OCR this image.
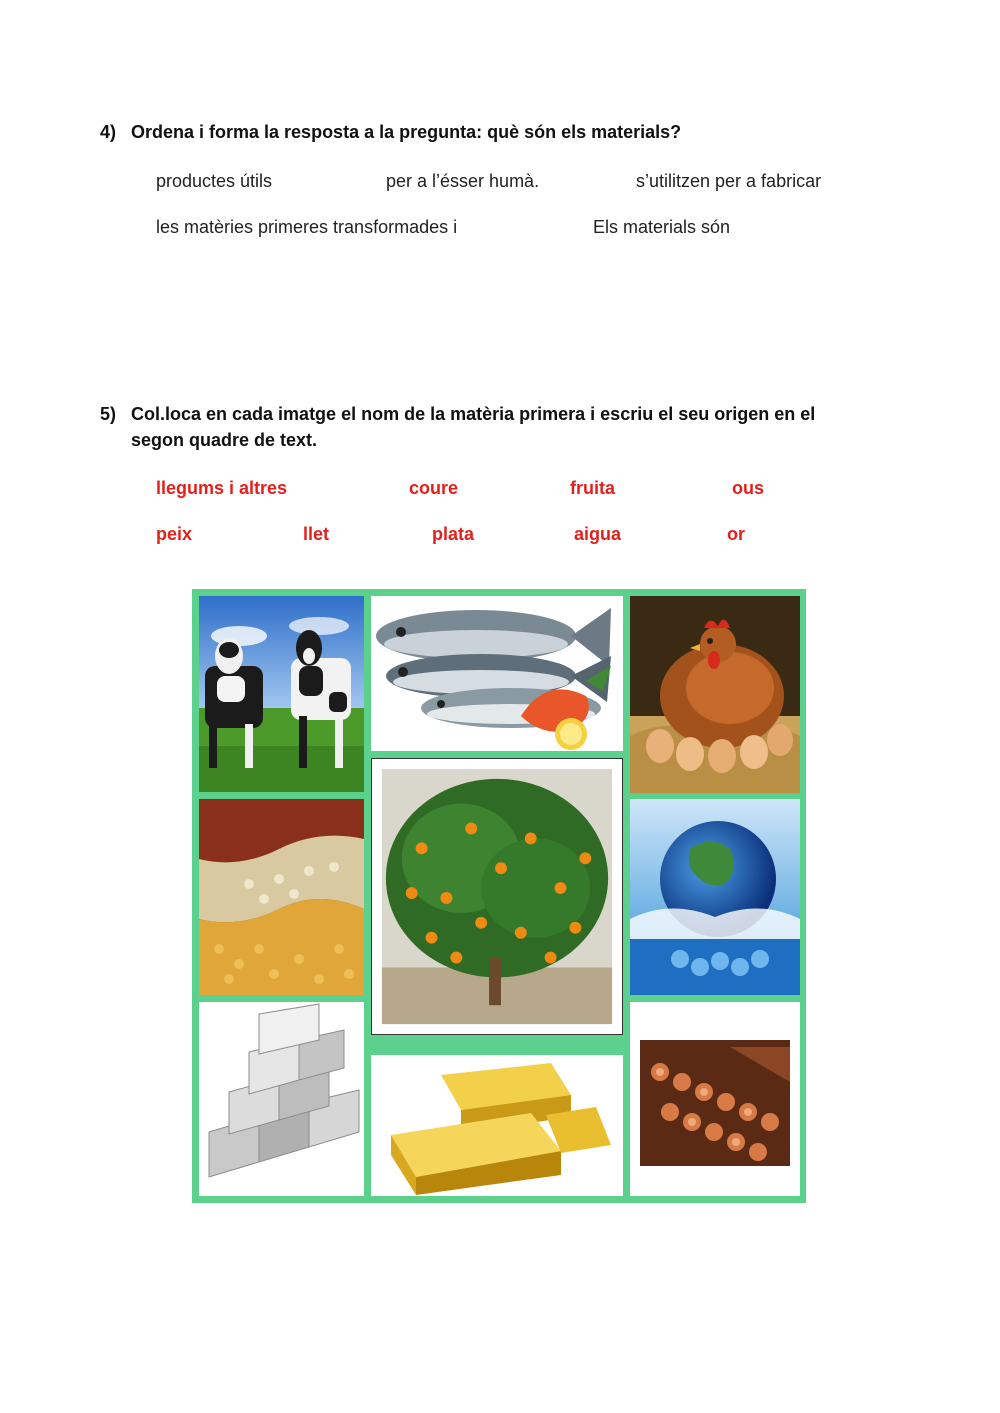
4) Ordena i forma la resposta a la pregunta: què són els materials?
productes útils	per a l’ésser humà.	s’utilitzen per a fabricar
les matèries primeres transformades i	Els materials són
5) Col.loca en cada imatge el nom de la matèria primera i escriu el seu origen en el
segon quadre de text.
llegums i altres	coure	fruita	ous
peix	llet	plata	aigua	or
